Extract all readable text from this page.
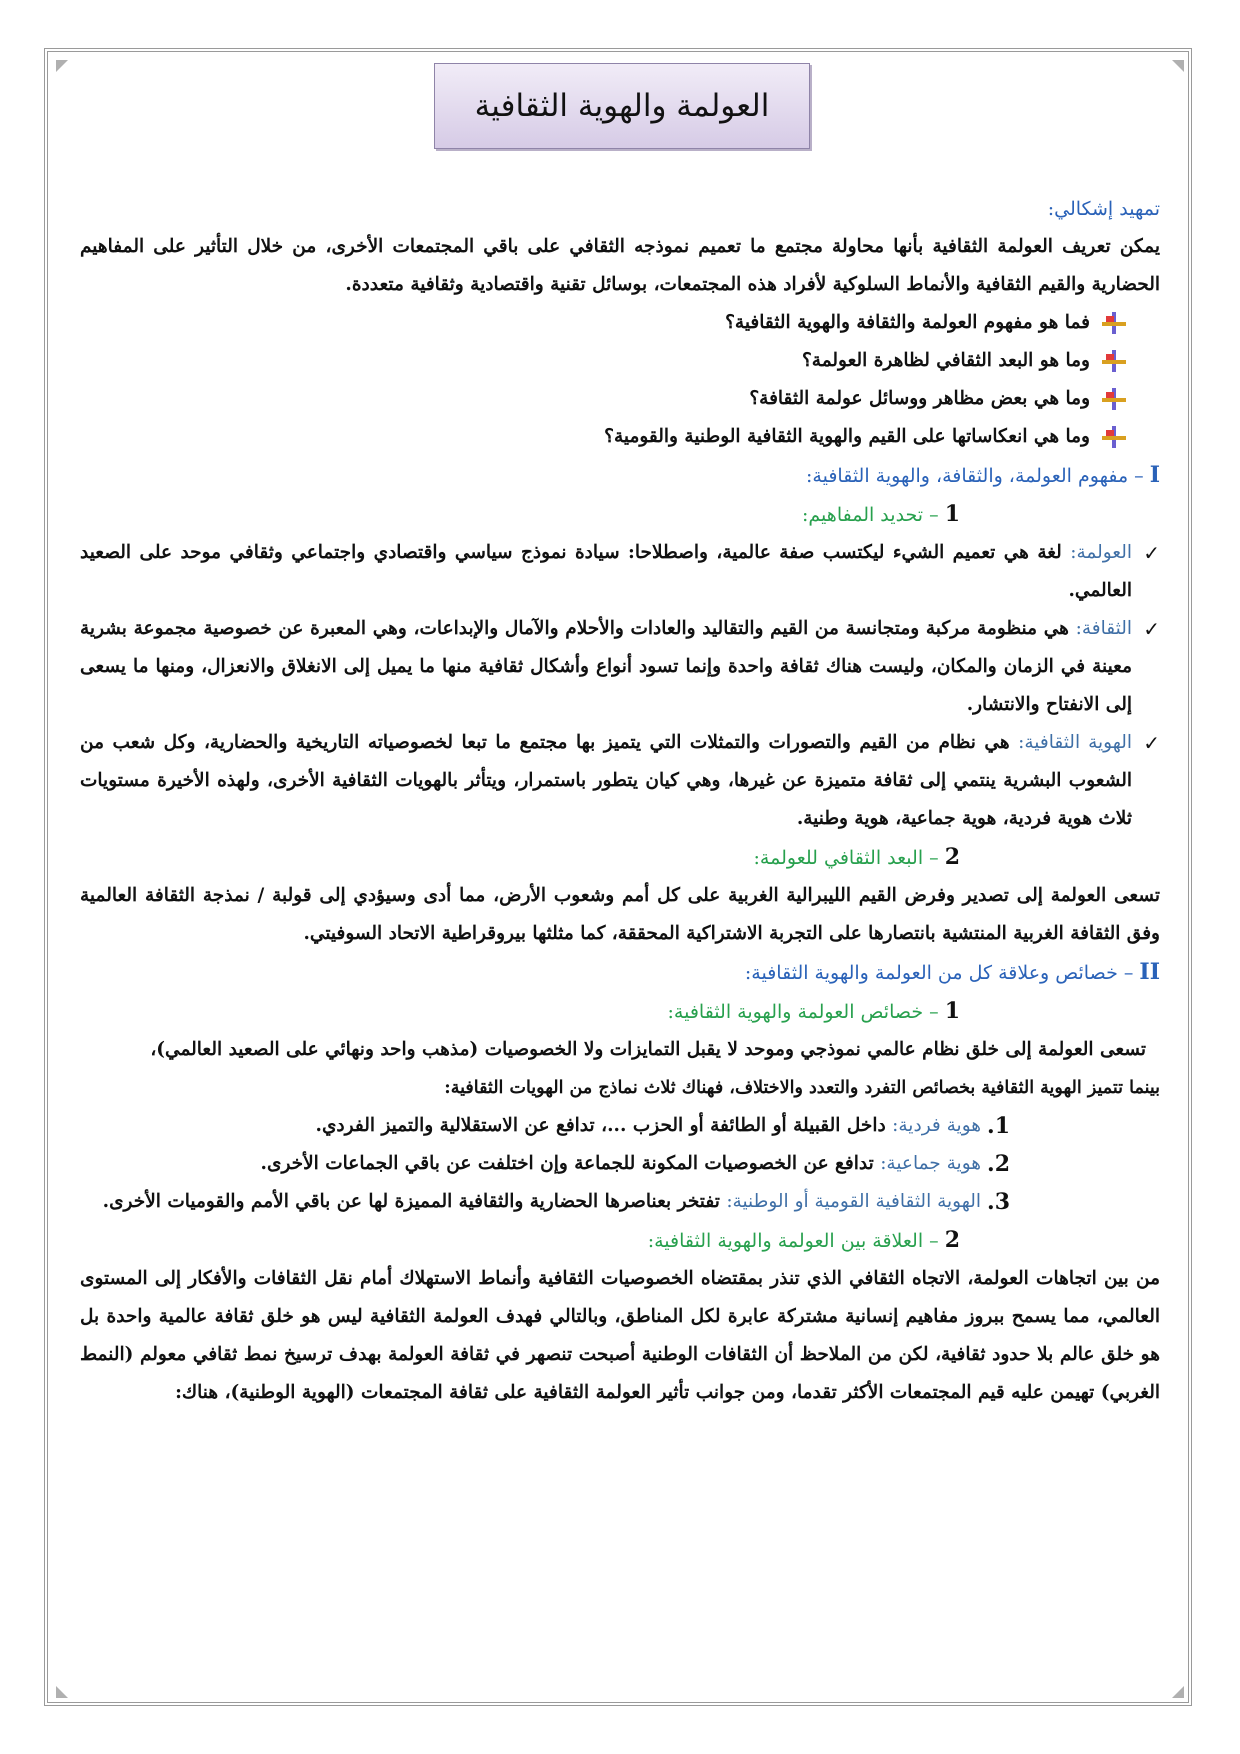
العولمة والهوية الثقافية
تمهيد إشكالي:

يمكن تعريف العولمة الثقافية بأنها محاولة مجتمع ما تعميم نموذجه الثقافي على باقي المجتمعات الأخرى، من خلال التأثير على المفاهيم الحضارية والقيم الثقافية والأنماط السلوكية لأفراد هذه المجتمعات، بوسائل تقنية واقتصادية وثقافية متعددة.

فما هو مفهوم العولمة والثقافة والهوية الثقافية؟
وما هو البعد الثقافي لظاهرة العولمة؟
وما هي بعض مظاهر ووسائل عولمة الثقافة؟
وما هي انعكاساتها على القيم والهوية الثقافية الوطنية والقومية؟
I – مفهوم العولمة، والثقافة، والهوية الثقافية:
1 – تحديد المفاهيم:
✓
العولمة: لغة هي تعميم الشيء ليكتسب صفة عالمية، واصطلاحا: سيادة نموذج سياسي واقتصادي واجتماعي وثقافي موحد على الصعيد العالمي.
✓
الثقافة: هي منظومة مركبة ومتجانسة من القيم والتقاليد والعادات والأحلام والآمال والإبداعات، وهي المعبرة عن خصوصية مجموعة بشرية معينة في الزمان والمكان، وليست هناك ثقافة واحدة وإنما تسود أنواع وأشكال ثقافية منها ما يميل إلى الانغلاق والانعزال، ومنها ما يسعى إلى الانفتاح والانتشار.
✓
الهوية الثقافية: هي نظام من القيم والتصورات والتمثلات التي يتميز بها مجتمع ما تبعا لخصوصياته التاريخية والحضارية، وكل شعب من الشعوب البشرية ينتمي إلى ثقافة متميزة عن غيرها، وهي كيان يتطور باستمرار، ويتأثر بالهويات الثقافية الأخرى، ولهذه الأخيرة مستويات ثلاث هوية فردية، هوية جماعية، هوية وطنية.
2 – البعد الثقافي للعولمة:

تسعى العولمة إلى تصدير وفرض القيم الليبرالية الغربية على كل أمم وشعوب الأرض، مما أدى وسيؤدي إلى قولبة / نمذجة الثقافة العالمية وفق الثقافة الغربية المنتشية بانتصارها على التجربة الاشتراكية المحققة، كما مثلثها بيروقراطية الاتحاد السوفيتي.

II – خصائص وعلاقة كل من العولمة والهوية الثقافية:
1 – خصائص العولمة والهوية الثقافية:

تسعى العولمة إلى خلق نظام عالمي نموذجي وموحد لا يقبل التمايزات ولا الخصوصيات (مذهب واحد ونهائي على الصعيد العالمي)،

بينما تتميز الهوية الثقافية بخصائص التفرد والتعدد والاختلاف، فهناك ثلاث نماذج من الهويات الثقافية:

1.
هوية فردية: داخل القبيلة أو الطائفة أو الحزب ...، تدافع عن الاستقلالية والتميز الفردي.
2.
هوية جماعية: تدافع عن الخصوصيات المكونة للجماعة وإن اختلفت عن باقي الجماعات الأخرى.
3.
الهوية الثقافية القومية أو الوطنية: تفتخر بعناصرها الحضارية والثقافية المميزة لها عن باقي الأمم والقوميات الأخرى.
2 – العلاقة بين العولمة والهوية الثقافية:

من بين اتجاهات العولمة، الاتجاه الثقافي الذي تنذر بمقتضاه الخصوصيات الثقافية وأنماط الاستهلاك أمام نقل الثقافات والأفكار إلى المستوى العالمي، مما يسمح ببروز مفاهيم إنسانية مشتركة عابرة لكل المناطق، وبالتالي فهدف العولمة الثقافية ليس هو خلق ثقافة عالمية واحدة بل هو خلق عالم بلا حدود ثقافية، لكن من الملاحظ أن الثقافات الوطنية أصبحت تنصهر في ثقافة العولمة بهدف ترسيخ نمط ثقافي معولم (النمط الغربي) تهيمن عليه قيم المجتمعات الأكثر تقدما، ومن جوانب تأثير العولمة الثقافية على ثقافة المجتمعات (الهوية الوطنية)، هناك:
